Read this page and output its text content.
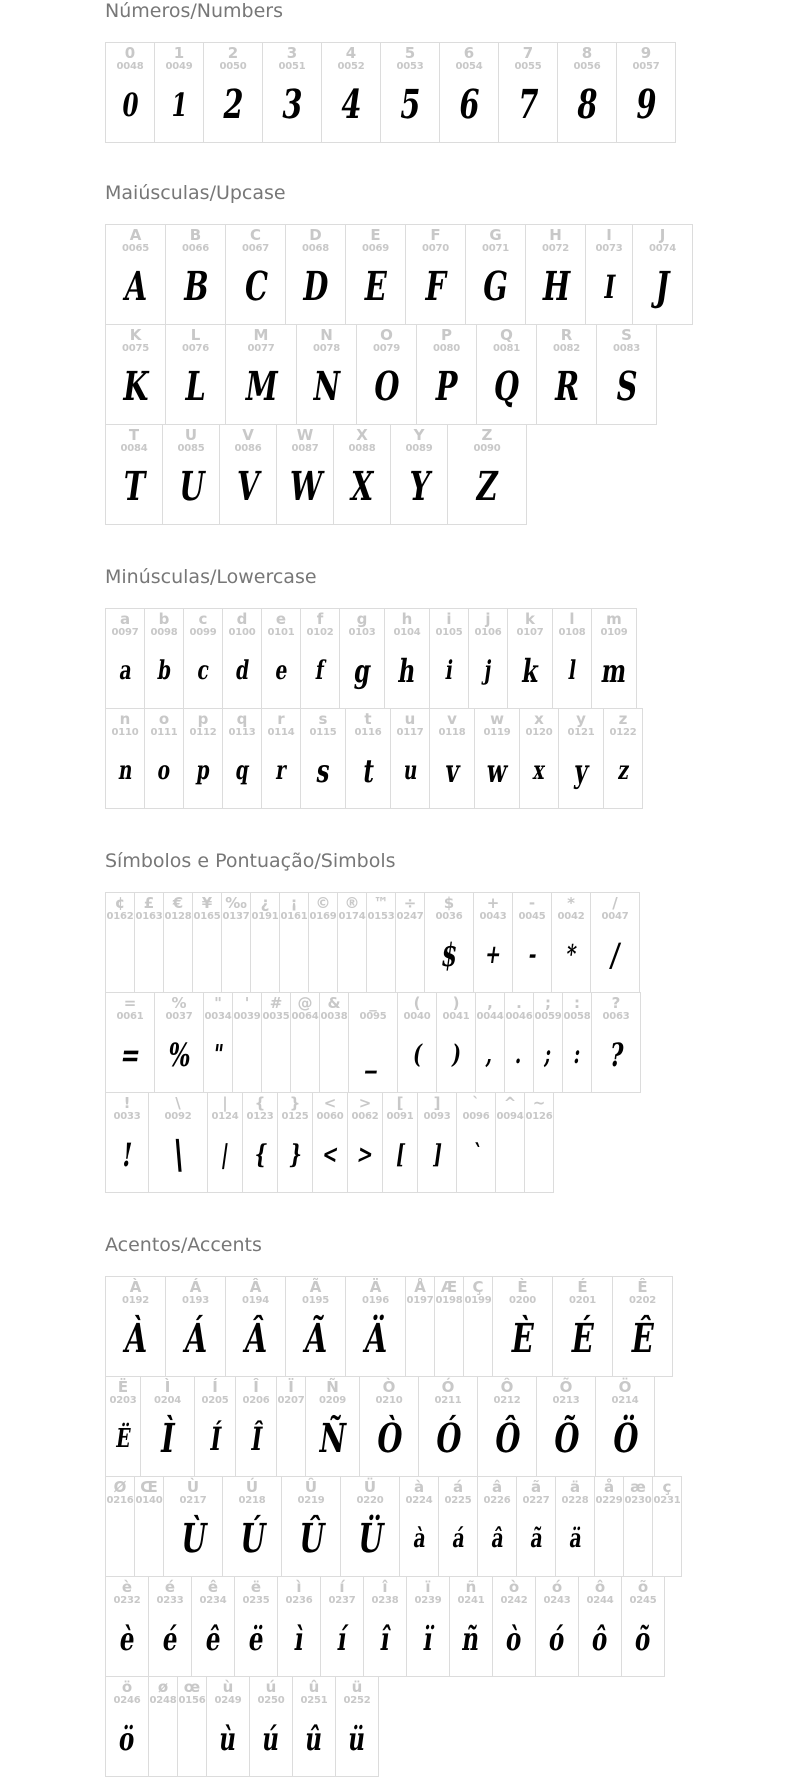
Números/Numbers
0
0048
0
1
0049
1
2
0050
2
3
0051
3
4
0052
4
5
0053
5
6
0054
6
7
0055
7
8
0056
8
9
0057
9
Maiúsculas/Upcase
A
0065
A
B
0066
B
C
0067
C
D
0068
D
E
0069
E
F
0070
F
G
0071
G
H
0072
H
I
0073
I
J
0074
J
K
0075
K
L
0076
L
M
0077
M
N
0078
N
O
0079
O
P
0080
P
Q
0081
Q
R
0082
R
S
0083
S
T
0084
T
U
0085
U
V
0086
V
W
0087
W
X
0088
X
Y
0089
Y
Z
0090
Z
Minúsculas/Lowercase
a
0097
a
b
0098
b
c
0099
c
d
0100
d
e
0101
e
f
0102
f
g
0103
g
h
0104
h
i
0105
i
j
0106
j
k
0107
k
l
0108
l
m
0109
m
n
0110
n
o
0111
o
p
0112
p
q
0113
q
r
0114
r
s
0115
s
t
0116
t
u
0117
u
v
0118
v
w
0119
w
x
0120
x
y
0121
y
z
0122
z
Símbolos e Pontuação/Simbols
¢
0162
£
0163
€
0128
¥
0165
‰
0137
¿
0191
¡
0161
©
0169
®
0174
™
0153
÷
0247
$
0036
$
+
0043
+
-
0045
-
*
0042
*
/
0047
/
=
0061
=
%
0037
%
"
0034
"
'
0039
#
0035
@
0064
&
0038
_
0095
_
(
0040
(
)
0041
)
,
0044
,
.
0046
.
;
0059
;
:
0058
:
?
0063
?
!
0033
!
\
0092
\
|
0124
|
{
0123
{
}
0125
}
<
0060
<
>
0062
>
[
0091
[
]
0093
]
`
0096
`
^
0094
~
0126
Acentos/Accents
À
0192
À
Á
0193
Á
Â
0194
Â
Ã
0195
Ã
Ä
0196
Ä
Å
0197
Æ
0198
Ç
0199
È
0200
È
É
0201
É
Ê
0202
Ê
Ë
0203
Ë
Ì
0204
Ì
Í
0205
Í
Î
0206
Î
Ï
0207
Ñ
0209
Ñ
Ò
0210
Ò
Ó
0211
Ó
Ô
0212
Ô
Õ
0213
Õ
Ö
0214
Ö
Ø
0216
Œ
0140
Ù
0217
Ù
Ú
0218
Ú
Û
0219
Û
Ü
0220
Ü
à
0224
à
á
0225
á
â
0226
â
ã
0227
ã
ä
0228
ä
å
0229
æ
0230
ç
0231
è
0232
è
é
0233
é
ê
0234
ê
ë
0235
ë
ì
0236
ì
í
0237
í
î
0238
î
ï
0239
ï
ñ
0241
ñ
ò
0242
ò
ó
0243
ó
ô
0244
ô
õ
0245
õ
ö
0246
ö
ø
0248
œ
0156
ù
0249
ù
ú
0250
ú
û
0251
û
ü
0252
ü
